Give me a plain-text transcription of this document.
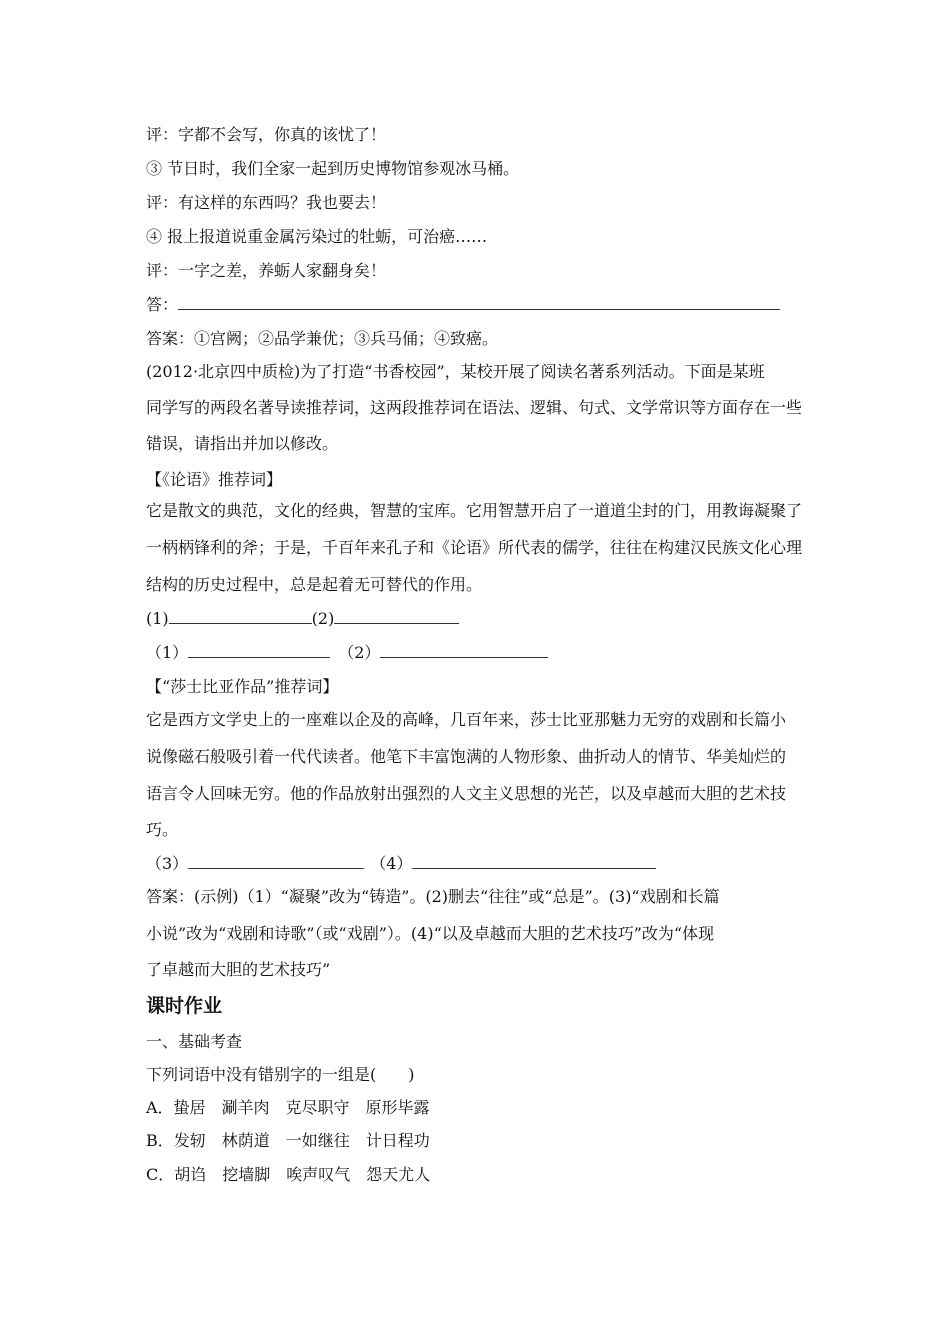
评：字都不会写，你真的该忧了！
③ 节日时，我们全家一起到历史博物馆参观冰马桶。
评：有这样的东西吗？我也要去！
④ 报上报道说重金属污染过的牡蛎，可治癌……
评：一字之差，养蛎人家翻身矣！
答：
答案：①宫阙；②品学兼优；③兵马俑；④致癌。
(2012·北京四中质检)为了打造“书香校园”，某校开展了阅读名著系列活动。下面是某班
同学写的两段名著导读推荐词，这两段推荐词在语法、逻辑、句式、文学常识等方面存在一些
错误，请指出并加以修改。
【《论语》推荐词】
它是散文的典范，文化的经典，智慧的宝库。它用智慧开启了一道道尘封的门，用教诲凝聚了
一柄柄锋利的斧；于是，千百年来孔子和《论语》所代表的儒学，往往在构建汉民族文化心理
结构的历史过程中，总是起着无可替代的作用。
(1)	(2)
（1）	（2）
【“莎士比亚作品”推荐词】
它是西方文学史上的一座难以企及的高峰，几百年来，莎士比亚那魅力无穷的戏剧和长篇小
说像磁石般吸引着一代代读者。他笔下丰富饱满的人物形象、曲折动人的情节、华美灿烂的
语言令人回味无穷。他的作品放射出强烈的人文主义思想的光芒，以及卓越而大胆的艺术技
巧。
（3）	（4）
答案：(示例)（1）“凝聚”改为“铸造”。(2)删去“往往”或“总是”。(3)“戏剧和长篇
小说”改为“戏剧和诗歌”（或“戏剧”）。(4)“以及卓越而大胆的艺术技巧”改为“体现
了卓越而大胆的艺术技巧”
课时作业
一、基础考查
下列词语中没有错别字的一组是(　　)
A．蛰居　涮羊肉　克尽职守　原形毕露
B．发轫　林荫道　一如继往　计日程功
C．胡诌　挖墙脚　唉声叹气　怨天尤人
